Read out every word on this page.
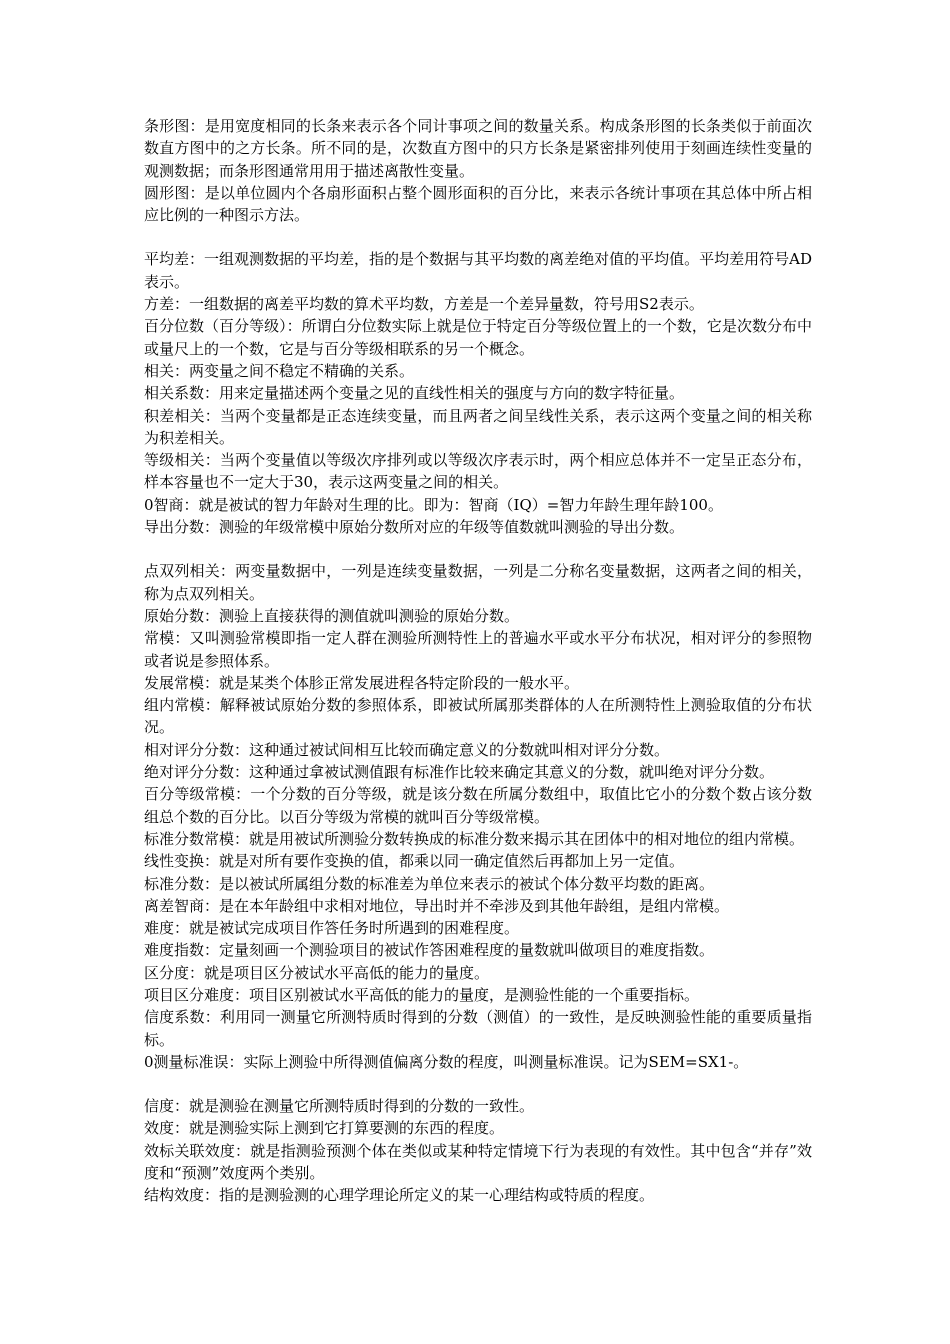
条形图：是用宽度相同的长条来表示各个同计事项之间的数量关系。构成条形图的长条类似于前面次数直方图中的之方长条。所不同的是，次数直方图中的只方长条是紧密排列使用于刻画连续性变量的观测数据；而条形图通常用用于描述离散性变量。

圆形图：是以单位圆内个各扇形面积占整个圆形面积的百分比，来表示各统计事项在其总体中所占相应比例的一种图示方法。

平均差：一组观测数据的平均差，指的是个数据与其平均数的离差绝对值的平均值。平均差用符号AD表示。

方差：一组数据的离差平均数的算术平均数，方差是一个差异量数，符号用S2表示。

百分位数（百分等级）：所谓白分位数实际上就是位于特定百分等级位置上的一个数，它是次数分布中或量尺上的一个数，它是与百分等级相联系的另一个概念。

相关：两变量之间不稳定不精确的关系。

相关系数：用来定量描述两个变量之见的直线性相关的强度与方向的数字特征量。

积差相关：当两个变量都是正态连续变量，而且两者之间呈线性关系，表示这两个变量之间的相关称为积差相关。

等级相关：当两个变量值以等级次序排列或以等级次序表示时，两个相应总体并不一定呈正态分布，样本容量也不一定大于30，表示这两变量之间的相关。

0智商：就是被试的智力年龄对生理的比。即为：智商（IQ）=智力年龄生理年龄100。

导出分数：测验的年级常模中原始分数所对应的年级等值数就叫测验的导出分数。

点双列相关：两变量数据中，一列是连续变量数据，一列是二分称名变量数据，这两者之间的相关，称为点双列相关。

原始分数：测验上直接获得的测值就叫测验的原始分数。

常模：又叫测验常模即指一定人群在测验所测特性上的普遍水平或水平分布状况，相对评分的参照物或者说是参照体系。

发展常模：就是某类个体胗正常发展进程各特定阶段的一般水平。

组内常模：解释被试原始分数的参照体系，即被试所属那类群体的人在所测特性上测验取值的分布状况。

相对评分分数：这种通过被试间相互比较而确定意义的分数就叫相对评分分数。

绝对评分分数：这种通过拿被试测值跟有标准作比较来确定其意义的分数，就叫绝对评分分数。

百分等级常模：一个分数的百分等级，就是该分数在所属分数组中，取值比它小的分数个数占该分数组总个数的百分比。以百分等级为常模的就叫百分等级常模。

标准分数常模：就是用被试所测验分数转换成的标准分数来揭示其在团体中的相对地位的组内常模。

线性变换：就是对所有要作变换的值，都乘以同一确定值然后再都加上另一定值。

标准分数：是以被试所属组分数的标准差为单位来表示的被试个体分数平均数的距离。

离差智商：是在本年龄组中求相对地位，导出时并不牵涉及到其他年龄组，是组内常模。

难度：就是被试完成项目作答任务时所遇到的困难程度。

难度指数：定量刻画一个测验项目的被试作答困难程度的量数就叫做项目的难度指数。

区分度：就是项目区分被试水平高低的能力的量度。

项目区分难度：项目区别被试水平高低的能力的量度，是测验性能的一个重要指标。

信度系数：利用同一测量它所测特质时得到的分数（测值）的一致性，是反映测验性能的重要质量指标。

0测量标准误：实际上测验中所得测值偏离分数的程度，叫测量标准误。记为SEM=SX1-。

信度：就是测验在测量它所测特质时得到的分数的一致性。

效度：就是测验实际上测到它打算要测的东西的程度。

效标关联效度：就是指测验预测个体在类似或某种特定情境下行为表现的有效性。其中包含“并存”效度和“预测”效度两个类别。

结构效度：指的是测验测的心理学理论所定义的某一心理结构或特质的程度。
